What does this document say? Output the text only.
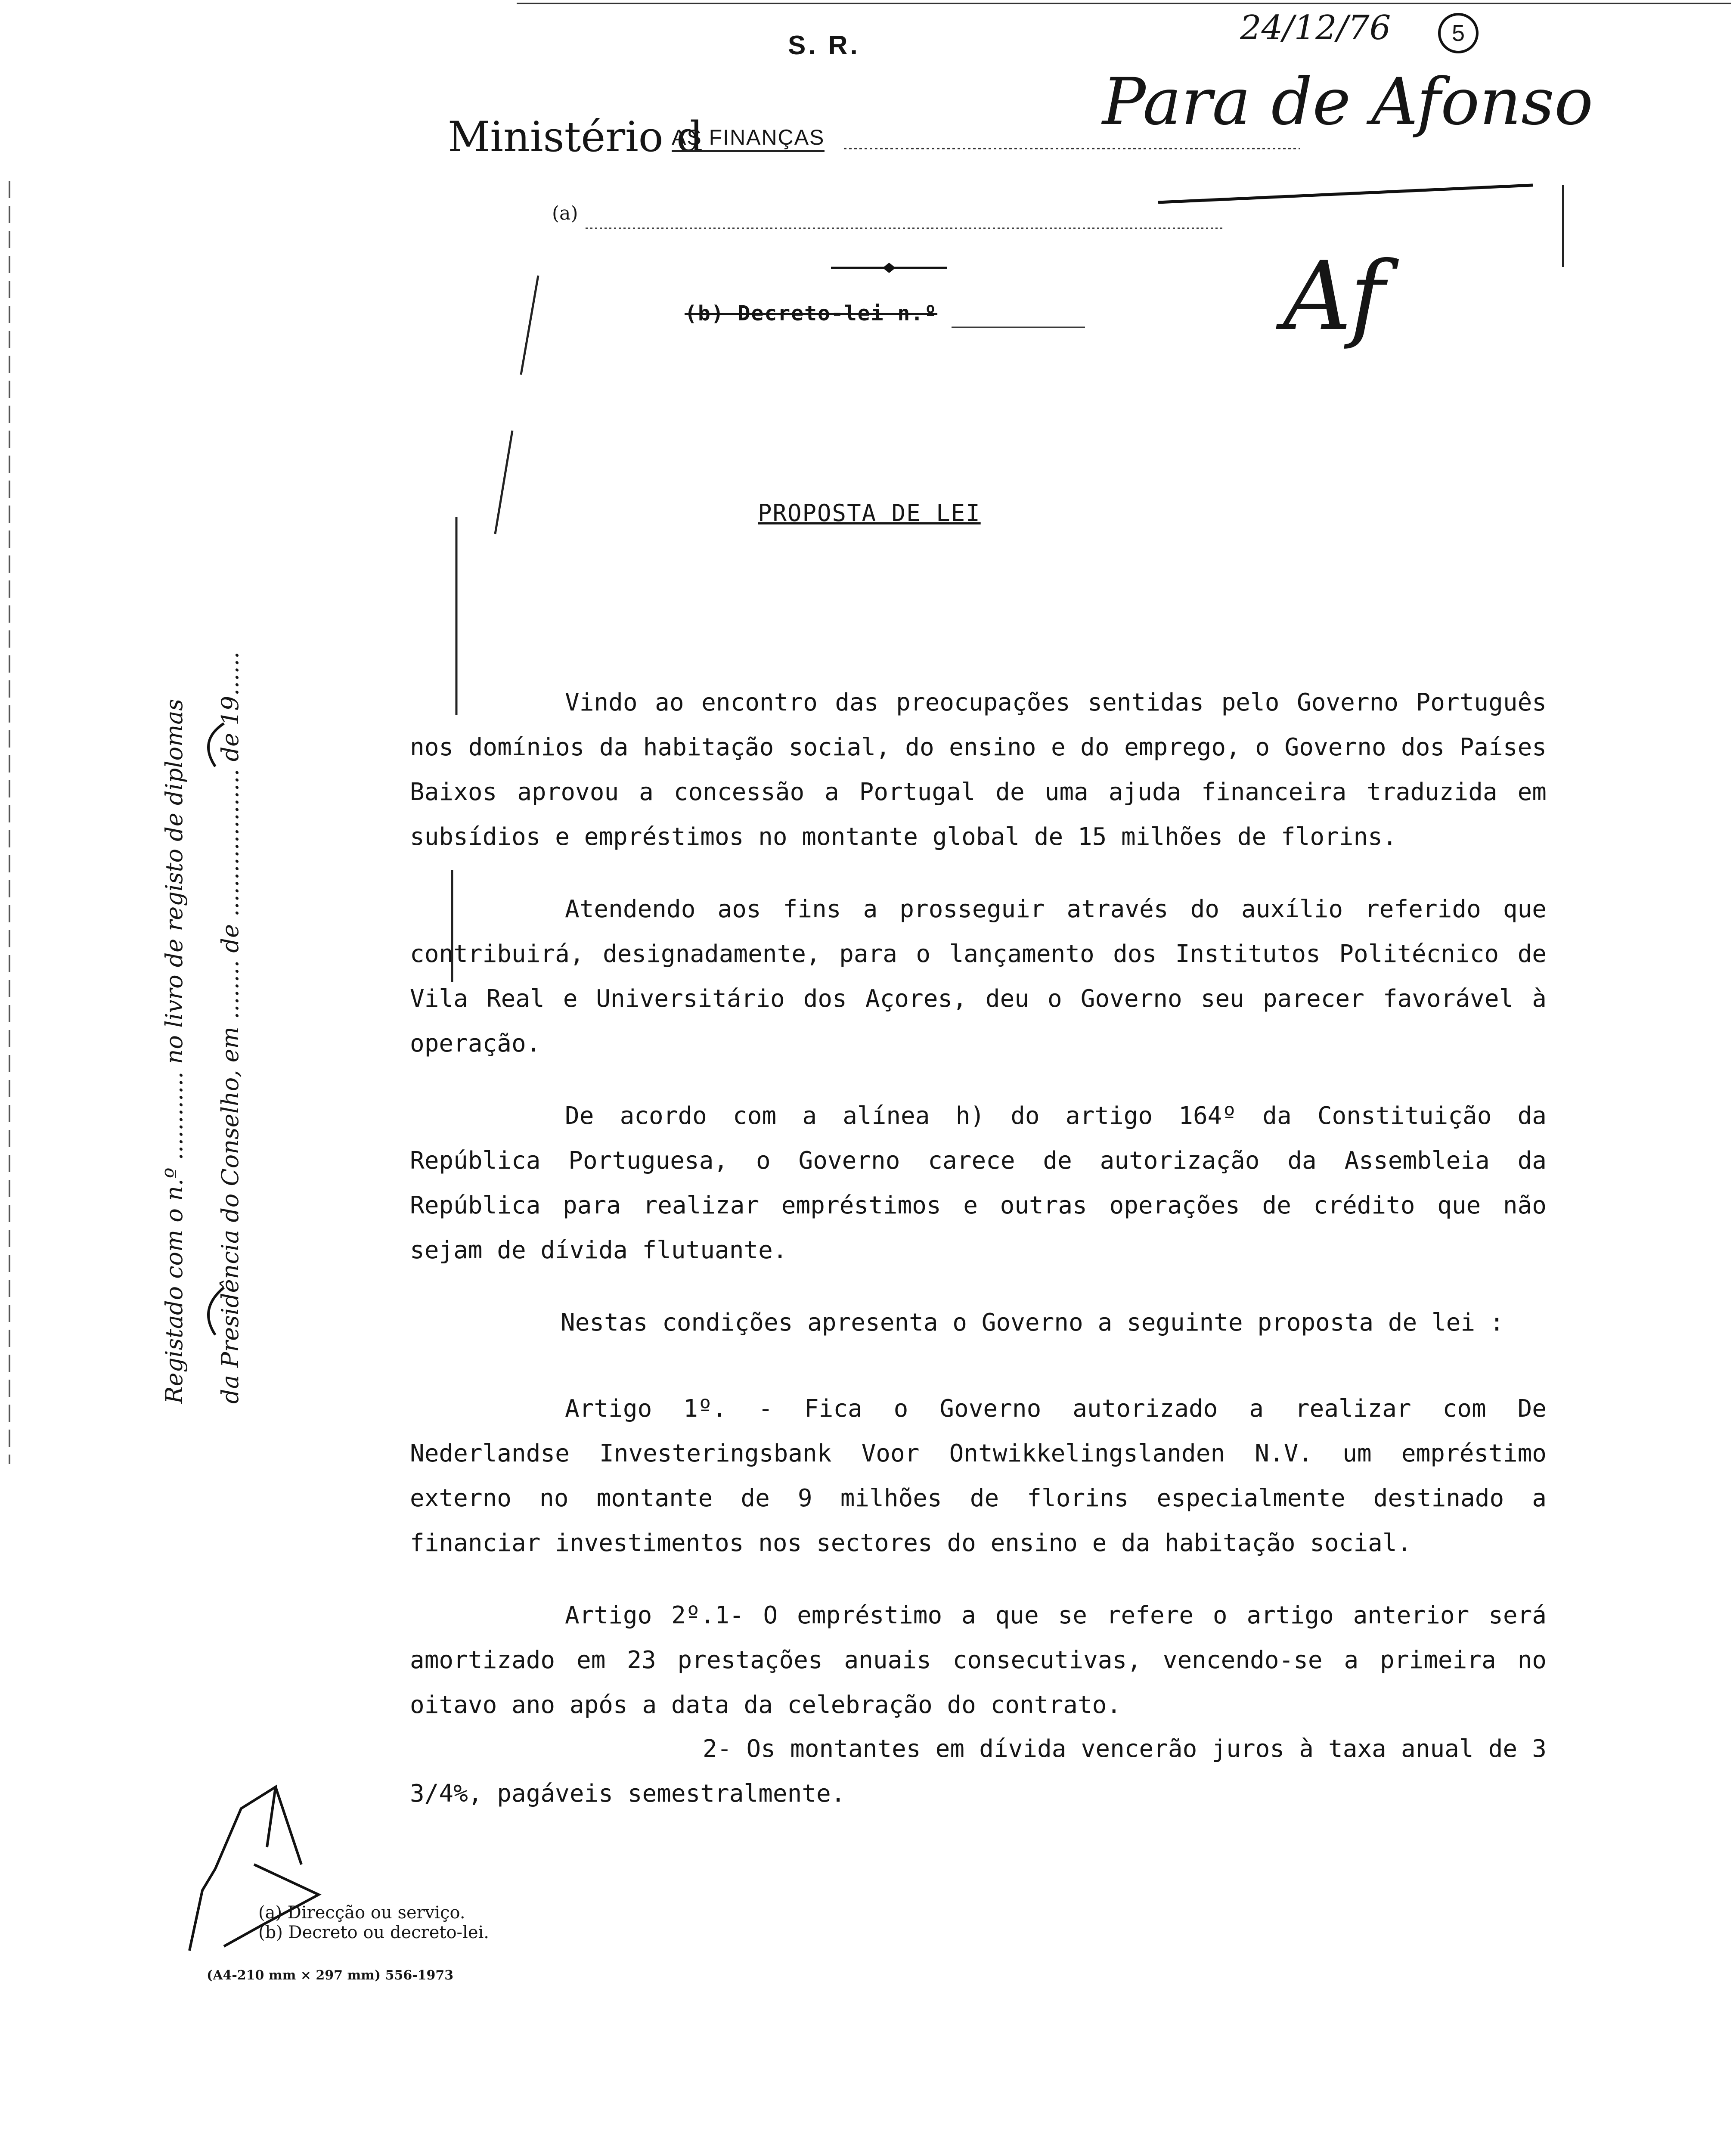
S. R.
Ministério d
AS FINANÇAS
(a)
(b) Decreto-lei n.º
24/12/76	5
Para de Afonso
Af
PROPOSTA DE LEI

Vindo ao encontro das preocupações sentidas pelo Governo Português nos domínios da habitação social, do ensino e do emprego, o Governo dos Países Baixos aprovou a concessão a Portugal de uma ajuda financeira traduzida em subsídios e empréstimos no montante global de 15 milhões de florins.

Atendendo aos fins a prosseguir através do auxílio referido que contribuirá, designadamente, para o lançamento dos Institutos Politécnico de Vila Real e Universitário dos Açores, deu o Governo seu parecer favorável à operação.

De acordo com a alínea h) do artigo 164º da Constituição da República Portuguesa, o Governo carece de autorização da Assembleia da República para realizar empréstimos e outras operações de crédito que não sejam de dívida flutuante.

Nestas condições apresenta o Governo a seguinte proposta de lei :

Artigo 1º. - Fica o Governo autorizado a realizar com De Nederlandse Investeringsbank Voor Ontwikkelingslanden N.V. um empréstimo externo no montante de 9 milhões de florins especialmente destinado a financiar investimentos nos sectores do ensino e da habitação social.

Artigo 2º.1- O empréstimo a que se refere o artigo anterior será amortizado em 23 prestações anuais consecutivas, vencendo-se a primeira no oitavo ano após a data da celebração do contrato.

2- Os montantes em dívida vencerão juros à taxa anual de 3 3/4%, pagáveis semestralmente.

Registado com o n.º ............ no livro de registo de diplomas	da Presidência do Conselho, em ........ de .................... de 19......
(a) Direcção ou serviço.
(b) Decreto ou decreto-lei.
(A4-210 mm × 297 mm) 556-1973
